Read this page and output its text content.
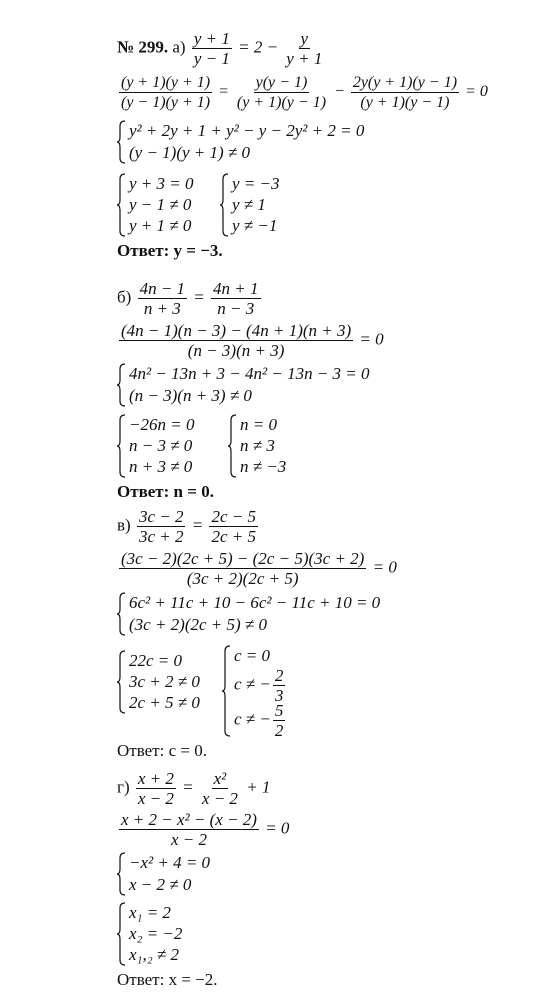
№ 299. $а) \frac{y + 1}{y - 1} = 2 - \frac{y}{y + 1}$
$\frac{(y + 1)(y + 1)}{(y - 1)(y + 1)} = \frac{y(y - 1)}{(y + 1)(y - 1)} - \frac{2y(y + 1)(y - 1)}{(y + 1)(y - 1)} = 0$
y² + 2y + 1 + y² − y − 2y² + 2 = 0
(y − 1)(y + 1) ≠ 0
y + 3 = 0
y − 1 ≠ 0
y + 1 ≠ 0
y = −3
y ≠ 1
y ≠ −1
Ответ: y = −3.
$б) \frac{4n - 1}{n + 3} = \frac{4n + 1}{n - 3}$
$\frac{(4n - 1)(n - 3) - (4n + 1)(n + 3)}{(n - 3)(n + 3)} = 0$
4n² − 13n + 3 − 4n² − 13n − 3 = 0
(n − 3)(n + 3) ≠ 0
−26n = 0
n − 3 ≠ 0
n + 3 ≠ 0
n = 0
n ≠ 3
n ≠ −3
Ответ: n = 0.
$в) \frac{3c - 2}{3c + 2} = \frac{2c - 5}{2c + 5}$
$\frac{(3c - 2)(2c + 5) - (2c - 5)(3c + 2)}{(3c + 2)(2c + 5)} = 0$
6c² + 11c + 10 − 6c² − 11c + 10 = 0
(3c + 2)(2c + 5) ≠ 0
22c = 0
3c + 2 ≠ 0
2c + 5 ≠ 0
c = 0
c ≠ − $\frac{2}{3}$
c ≠ − $\frac{5}{2}$
Ответ: c = 0.
$г) \frac{x + 2}{x - 2} = \frac{\text{x²}}{x - 2} + 1$
$\frac{\text{x + 2 − x² − (x − 2)}}{x - 2} = 0$
−x² + 4 = 0
x − 2 ≠ 0
x₁ = 2
x₂ = −2
x₁,₂ ≠ 2
Ответ: x = −2.
